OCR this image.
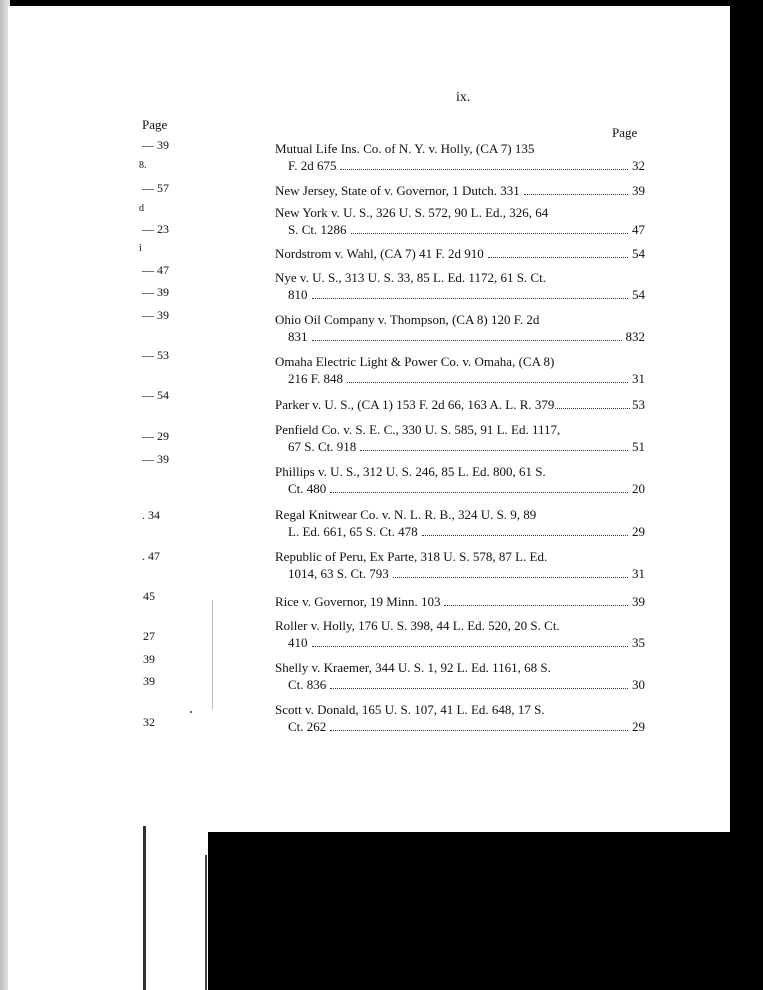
ix.
Page
— 39
8.
— 57
d
— 23
i
— 47
— 39
— 39
— 53
— 54
— 29
— 39
. 34
. 47
45
27
39
39
32
Page
Mutual Life Ins. Co. of N. Y. v. Holly, (CA 7) 135
F. 2d 675	32
New Jersey, State of v. Governor, 1 Dutch. 331	39
New York v. U. S., 326 U. S. 572, 90 L. Ed., 326, 64
S. Ct. 1286	47
Nordstrom v. Wahl, (CA 7) 41 F. 2d 910	54
Nye v. U. S., 313 U. S. 33, 85 L. Ed. 1172, 61 S. Ct.
810	54
Ohio Oil Company v. Thompson, (CA 8) 120 F. 2d
831	832
Omaha Electric Light & Power Co. v. Omaha, (CA 8)
216 F. 848	31
Parker v. U. S., (CA 1) 153 F. 2d 66, 163 A. L. R. 379	53
Penfield Co. v. S. E. C., 330 U. S. 585, 91 L. Ed. 1117,
67 S. Ct. 918	51
Phillips v. U. S., 312 U. S. 246, 85 L. Ed. 800, 61 S.
Ct. 480	20
Regal Knitwear Co. v. N. L. R. B., 324 U. S. 9, 89
L. Ed. 661, 65 S. Ct. 478	29
Republic of Peru, Ex Parte, 318 U. S. 578, 87 L. Ed.
1014, 63 S. Ct. 793	31
Rice v. Governor, 19 Minn. 103	39
Roller v. Holly, 176 U. S. 398, 44 L. Ed. 520, 20 S. Ct.
410	35
Shelly v. Kraemer, 344 U. S. 1, 92 L. Ed. 1161, 68 S.
Ct. 836	30
Scott v. Donald, 165 U. S. 107, 41 L. Ed. 648, 17 S.
Ct. 262	29
